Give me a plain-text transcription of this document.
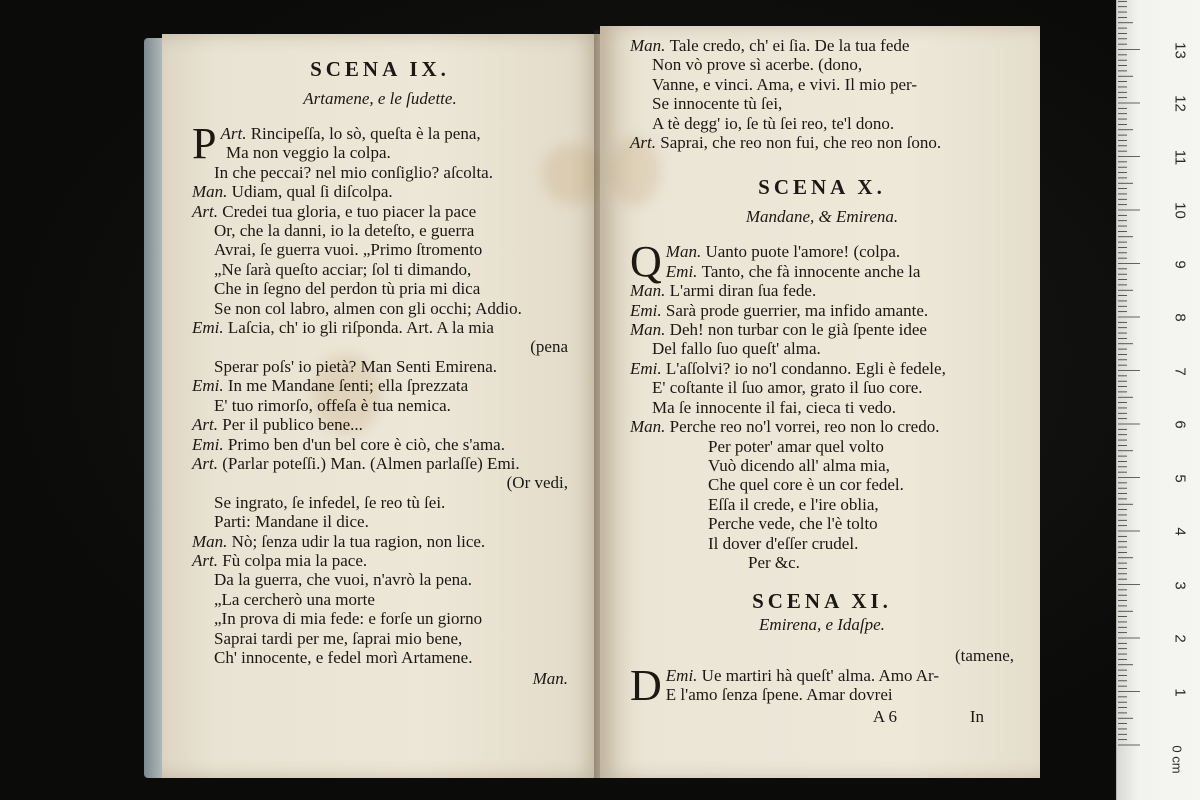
SCENA IX.
Artamene, e le ſudette.
Art.
P Rincipeſſa, lo sò, queſta è la pena,
Ma non veggio la colpa.
In che peccai? nel mio conſiglio? aſcolta.
Man. Udiam, qual ſi diſcolpa.
Art. Credei tua gloria, e tuo piacer la pace
Or, che la danni, io la deteſto, e guerra
Avrai, ſe guerra vuoi. „Primo ſtromento
„Ne ſarà queſto acciar; ſol ti dimando,
Che in ſegno del perdon tù pria mi dica
Se non col labro, almen con gli occhi; Addio.
Emi. Laſcia, ch' io gli riſponda. Art. A la mia
(pena
Sperar poſs' io pietà? Man Senti Emirena.
Emi. In me Mandane ſenti; ella ſprezzata
E' tuo rimorſo, offeſa è tua nemica.
Art. Per il publico bene...
Emi. Primo ben d'un bel core è ciò, che s'ama.
Art. (Parlar poteſſi.) Man. (Almen parlaſſe) Emi.
(Or vedi,
Se ingrato, ſe infedel, ſe reo tù ſei.
Parti: Mandane il dice.
Man. Nò; ſenza udir la tua ragion, non lice.
Art. Fù colpa mia la pace.
Da la guerra, che vuoi, n'avrò la pena.
„La cercherò una morte
„In prova di mia fede: e forſe un giorno
Saprai tardi per me, ſaprai mio bene,
Ch' innocente, e fedel morì Artamene.
Man.
Man. Tale credo, ch' ei ſia. De la tua fede
Non vò prove sì acerbe. (dono,
Vanne, e vinci. Ama, e vivi. Il mio per-
Se innocente tù ſei,
A tè degg' io, ſe tù ſei reo, te'l dono.
Art. Saprai, che reo non fui, che reo non ſono.
SCENA X.
Mandane, & Emirena.
Man.
Q	Uanto puote l'amore! (colpa.
Emi. Tanto, che fà innocente anche la
Man. L'armi diran ſua fede.
Emi. Sarà prode guerrier, ma infido amante.
Man. Deh! non turbar con le già ſpente idee
Del fallo ſuo queſt' alma.
Emi. L'aſſolvi? io no'l condanno. Egli è fedele,
E' coſtante il ſuo amor, grato il ſuo core.
Ma ſe innocente il fai, cieca ti vedo.
Man. Perche reo no'l vorrei, reo non lo credo.
Per poter' amar quel volto
Vuò dicendo all' alma mia,
Che quel core è un cor fedel.
Eſſa il crede, e l'ire oblia,
Perche vede, che l'è tolto
Il dover d'eſſer crudel.
Per &c.
SCENA XI.
Emirena, e Idaſpe.
(tamene,
Emi.
D Ue martiri hà queſt' alma. Amo Ar-
E l'amo ſenza ſpene. Amar dovrei
A 6	In
13
12
11
10
9
8
7
6
5
4
3
2
1
0 cm
